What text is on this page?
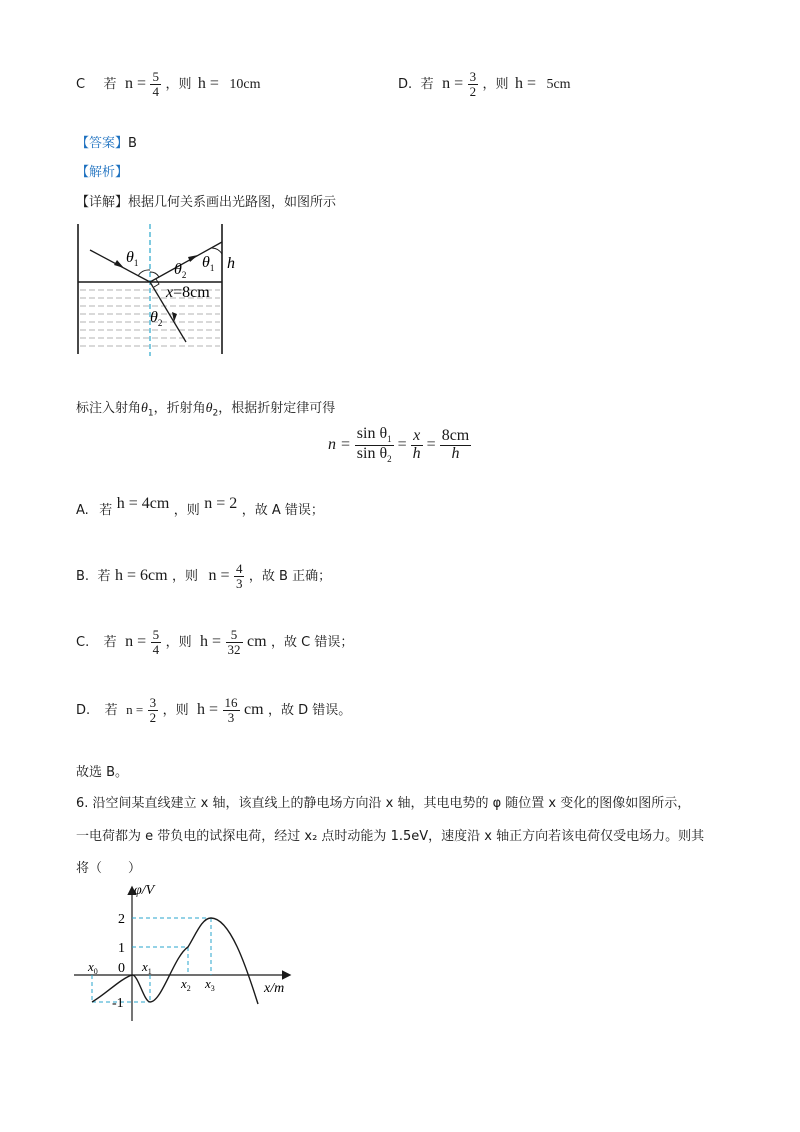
C 若 $n = \frac{5}{4}$ ，则 h = 10cm	D. 若 $n = \frac{3}{2}$ ，则 h = 5cm
【答案】B
【解析】
【详解】根据几何关系画出光路图，如图所示
$\theta_1$ $\theta_2$
$\theta_1$ h
x=8cm
$\theta_2$
标注入射角$\theta_1$，折射角$\theta_2$，根据折射定律可得
$n = \frac{\sin \theta_1}{\sin \theta_2} = \frac{x}{h} = \frac{8cm}{h}$
A. 若 h = 4cm ，则 n = 2 ，故 A 错误；
B. 若 h = 6cm ，则 $n = \frac{4}{3}$ ，故 B 正确；
C. 若 $n = \frac{5}{4}$ ，则 $h = \frac{5}{32}$ cm ，故 C 错误；
D. 若 $n = \frac{3}{2}$ ，则 $h = \frac{16}{3}$ cm ，故 D 错误。
故选 B。
6. 沿空间某直线建立 x 轴，该直线上的静电场方向沿 x 轴，其电电势的 φ 随位置 x 变化的图像如图所示，
一电荷都为 e 带负电的试探电荷，经过 x₂ 点时动能为 1.5eV，速度沿 x 轴正方向若该电荷仅受电场力。则其
将（　　）
φ/V
x/m
2
1
0
-1
$x_0$	$x_1$
$x_2$ $x_3$
